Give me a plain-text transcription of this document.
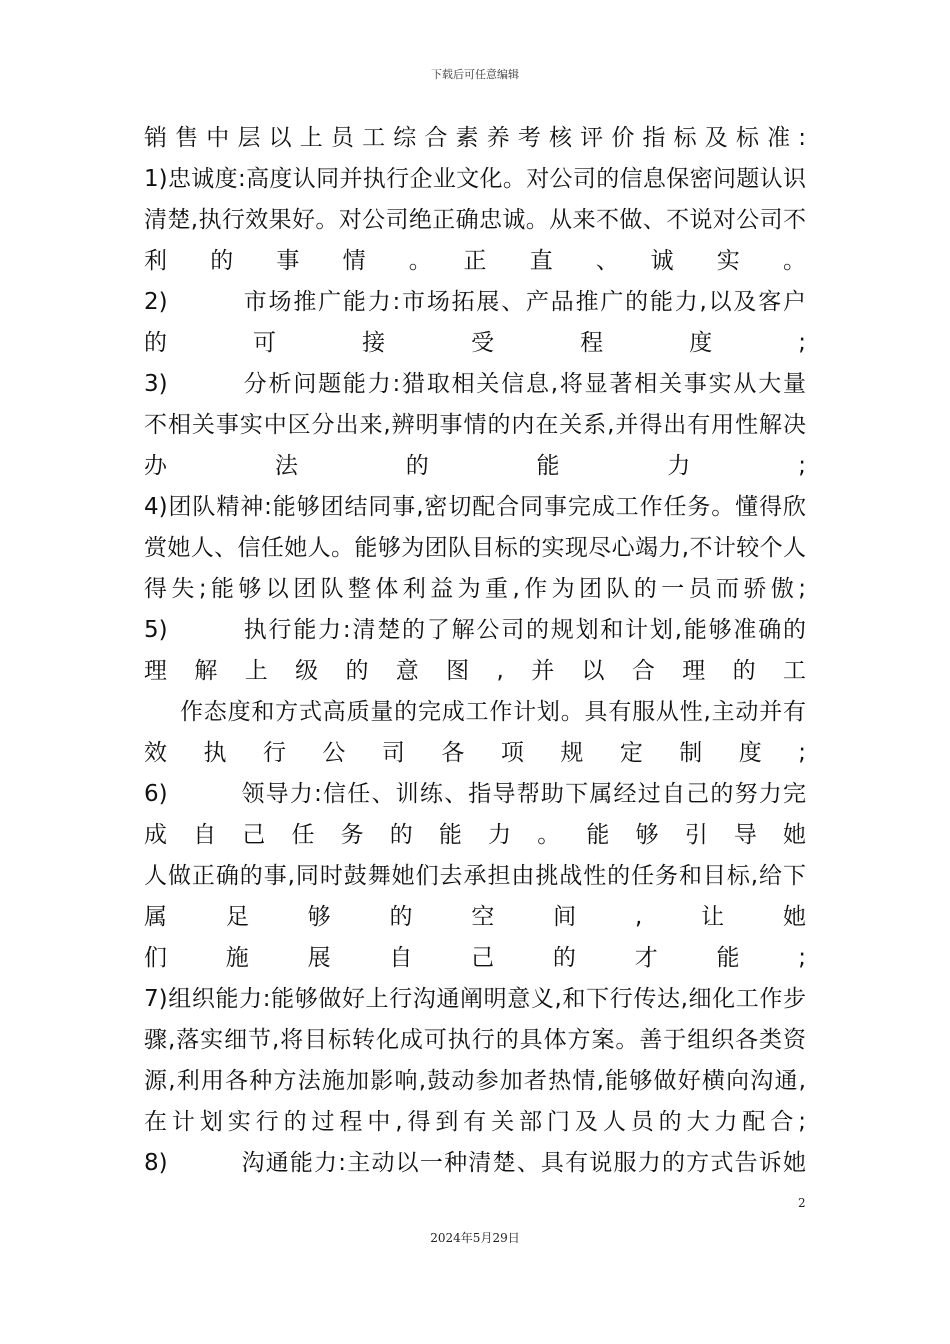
下载后可任意编辑
销售中层以上员工综合素养考核评价指标及标准:
1)忠诚度:高度认同并执行企业文化。对公司的信息保密问题认识
清楚,执行效果好。对公司绝正确忠诚。从来不做、不说对公司不
利　的　事　情　。　正　直　、　诚　实　。
2)　　　市场推广能力:市场拓展、产品推广的能力,以及客户
的　可　接　受　程　度　;
3)　　　分析问题能力:猎取相关信息,将显著相关事实从大量
不相关事实中区分出来,辨明事情的内在关系,并得出有用性解决
办　法　的　能　力　;
4)团队精神:能够团结同事,密切配合同事完成工作任务。懂得欣
赏她人、信任她人。能够为团队目标的实现尽心竭力,不计较个人
得失;能够以团队整体利益为重,作为团队的一员而骄傲;
5)　　　执行能力:清楚的了解公司的规划和计划,能够准确的
理　解　上　级　的　意　图　,　并　以　合　理　的　工
作态度和方式高质量的完成工作计划。具有服从性,主动并有
效　执　行　公　司　各　项　规　定　制　度　;
6)　　　领导力:信任、训练、指导帮助下属经过自己的努力完
成自己任务的能力。能够引导她
人做正确的事,同时鼓舞她们去承担由挑战性的任务和目标,给下
属　足　够　的　空　间　,　让　她
们　施　展　自　己　的　才　能　;
7)组织能力:能够做好上行沟通阐明意义,和下行传达,细化工作步
骤,落实细节,将目标转化成可执行的具体方案。善于组织各类资
源,利用各种方法施加影响,鼓动参加者热情,能够做好横向沟通,
在计划实行的过程中,得到有关部门及人员的大力配合;
8)　　　沟通能力:主动以一种清楚、具有说服力的方式告诉她
2
2024年5月29日
